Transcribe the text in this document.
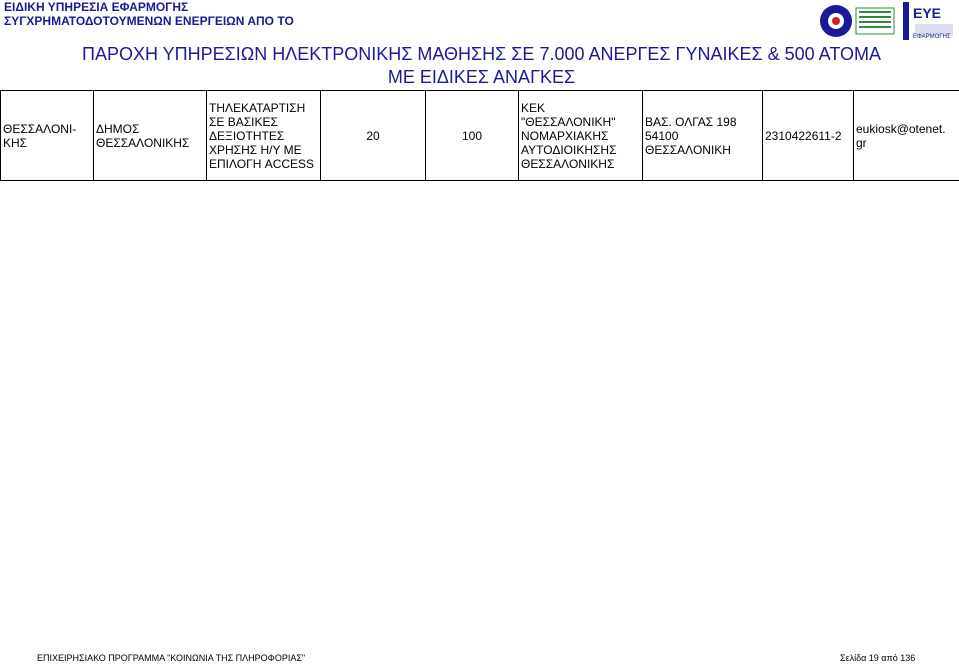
ΕΙΔΙΚΗ ΥΠΗΡΕΣΙΑ ΕΦΑΡΜΟΓΗΣ
ΣΥΓΧΡΗΜΑΤΟΔΟΤΟΥΜΕΝΩΝ ΕΝΕΡΓΕΙΩΝ ΑΠΟ ΤΟ	ΕΥΕ
ΕΦΑΡΜΟΓΗΣ
ΠΑΡΟΧΗ ΥΠΗΡΕΣΙΩΝ ΗΛΕΚΤΡΟΝΙΚΗΣ ΜΑΘΗΣΗΣ ΣΕ 7.000 ΑΝΕΡΓΕΣ ΓΥΝΑΙΚΕΣ & 500 ΑΤΟΜΑ
ΜΕ ΕΙΔΙΚΕΣ ΑΝΑΓΚΕΣ
ΘΕΣΣΑΛΟΝΙ-
ΚΗΣ	ΔΗΜΟΣ
ΘΕΣΣΑΛΟΝΙΚΗΣ	ΤΗΛΕΚΑΤΑΡΤΙΣΗ
ΣΕ ΒΑΣΙΚΕΣ
ΔΕΞΙΟΤΗΤΕΣ
ΧΡΗΣΗΣ Η/Υ ΜΕ
ΕΠΙΛΟΓΗ ACCESS	20	100	ΚΕΚ
"ΘΕΣΣΑΛΟΝΙΚΗ"
ΝΟΜΑΡΧΙΑΚΗΣ
ΑΥΤΟΔΙΟΙΚΗΣΗΣ
ΘΕΣΣΑΛΟΝΙΚΗΣ	ΒΑΣ. ΟΛΓΑΣ 198
54100 ΘΕΣΣΑΛΟΝΙΚΗ	2310422611-2	eukiosk@otenet.
gr
ΕΠΙΧΕΙΡΗΣΙΑΚΟ ΠΡΟΓΡΑΜΜΑ "ΚΟΙΝΩΝΙΑ ΤΗΣ ΠΛΗΡΟΦΟΡΙΑΣ"	Σελίδα 19 από 136
